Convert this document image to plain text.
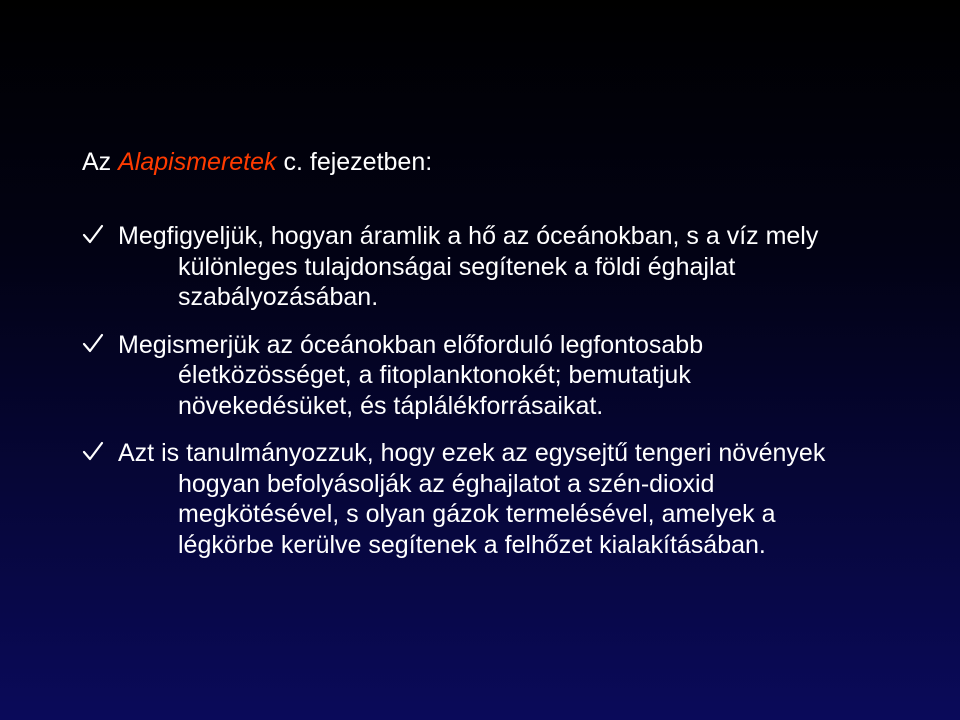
Az Alapismeretek c. fejezetben:
Megfigyeljük, hogyan áramlik a hő az óceánokban, s a víz mely
különleges tulajdonságai segítenek a földi éghajlat
szabályozásában.
Megismerjük az óceánokban előforduló legfontosabb
életközösséget, a fitoplanktonokét; bemutatjuk
növekedésüket, és táplálékforrásaikat.
Azt is tanulmányozzuk, hogy ezek az egysejtű tengeri növények
hogyan befolyásolják az éghajlatot a szén-dioxid
megkötésével, s olyan gázok termelésével, amelyek a
légkörbe kerülve segítenek a felhőzet kialakításában.
